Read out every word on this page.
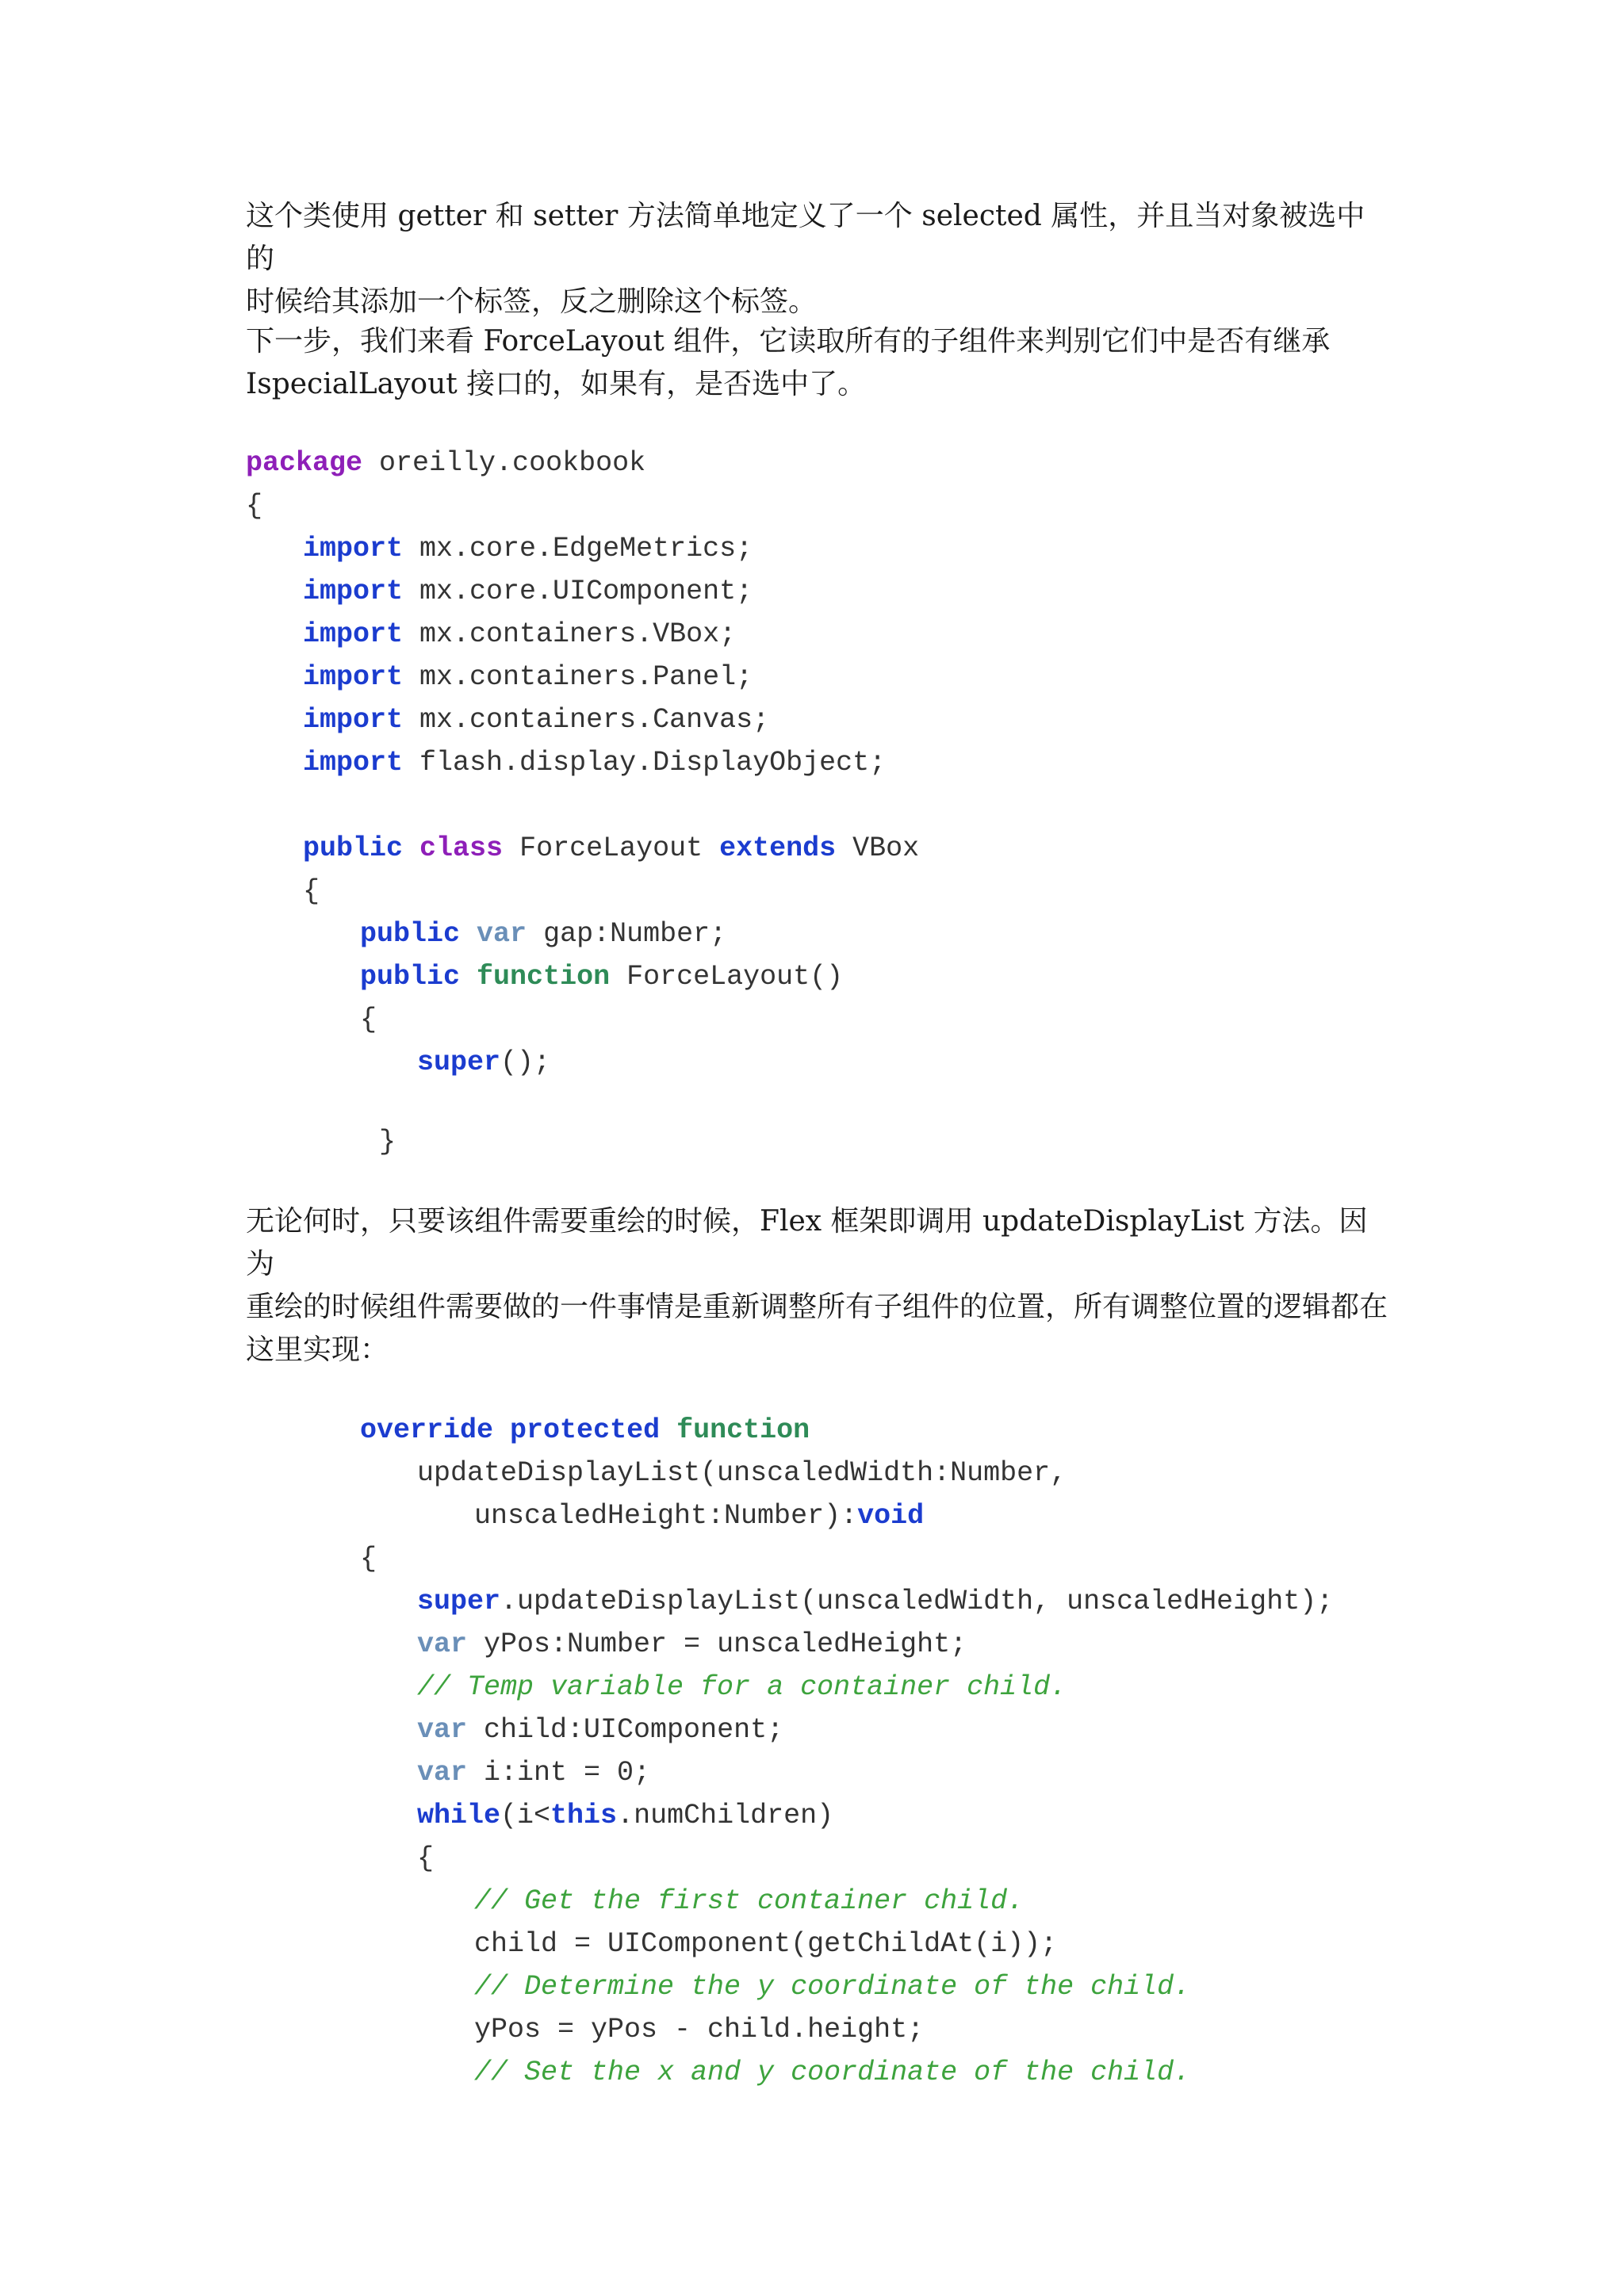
这个类使用 getter 和 setter 方法简单地定义了一个 selected 属性，并且当对象被选中的
时候给其添加一个标签，反之删除这个标签。

下一步，我们来看 ForceLayout 组件，它读取所有的子组件来判别它们中是否有继承
IspecialLayout 接口的，如果有，是否选中了。

package oreilly.cookbook
{
import mx.core.EdgeMetrics;
import mx.core.UIComponent;
import mx.containers.VBox;
import mx.containers.Panel;
import mx.containers.Canvas;
import flash.display.DisplayObject;
public class ForceLayout extends VBox
{
public var gap:Number;
public function ForceLayout()
{
super();
}

无论何时，只要该组件需要重绘的时候，Flex 框架即调用 updateDisplayList 方法。因为
重绘的时候组件需要做的一件事情是重新调整所有子组件的位置，所有调整位置的逻辑都在
这里实现：

override protected function
updateDisplayList(unscaledWidth:Number,
unscaledHeight:Number):void
{
super.updateDisplayList(unscaledWidth, unscaledHeight);
var yPos:Number = unscaledHeight;
// Temp variable for a container child.
var child:UIComponent;
var i:int = 0;
while(i<this.numChildren)
{
// Get the first container child.
child = UIComponent(getChildAt(i));
// Determine the y coordinate of the child.
yPos = yPos - child.height;
// Set the x and y coordinate of the child.
